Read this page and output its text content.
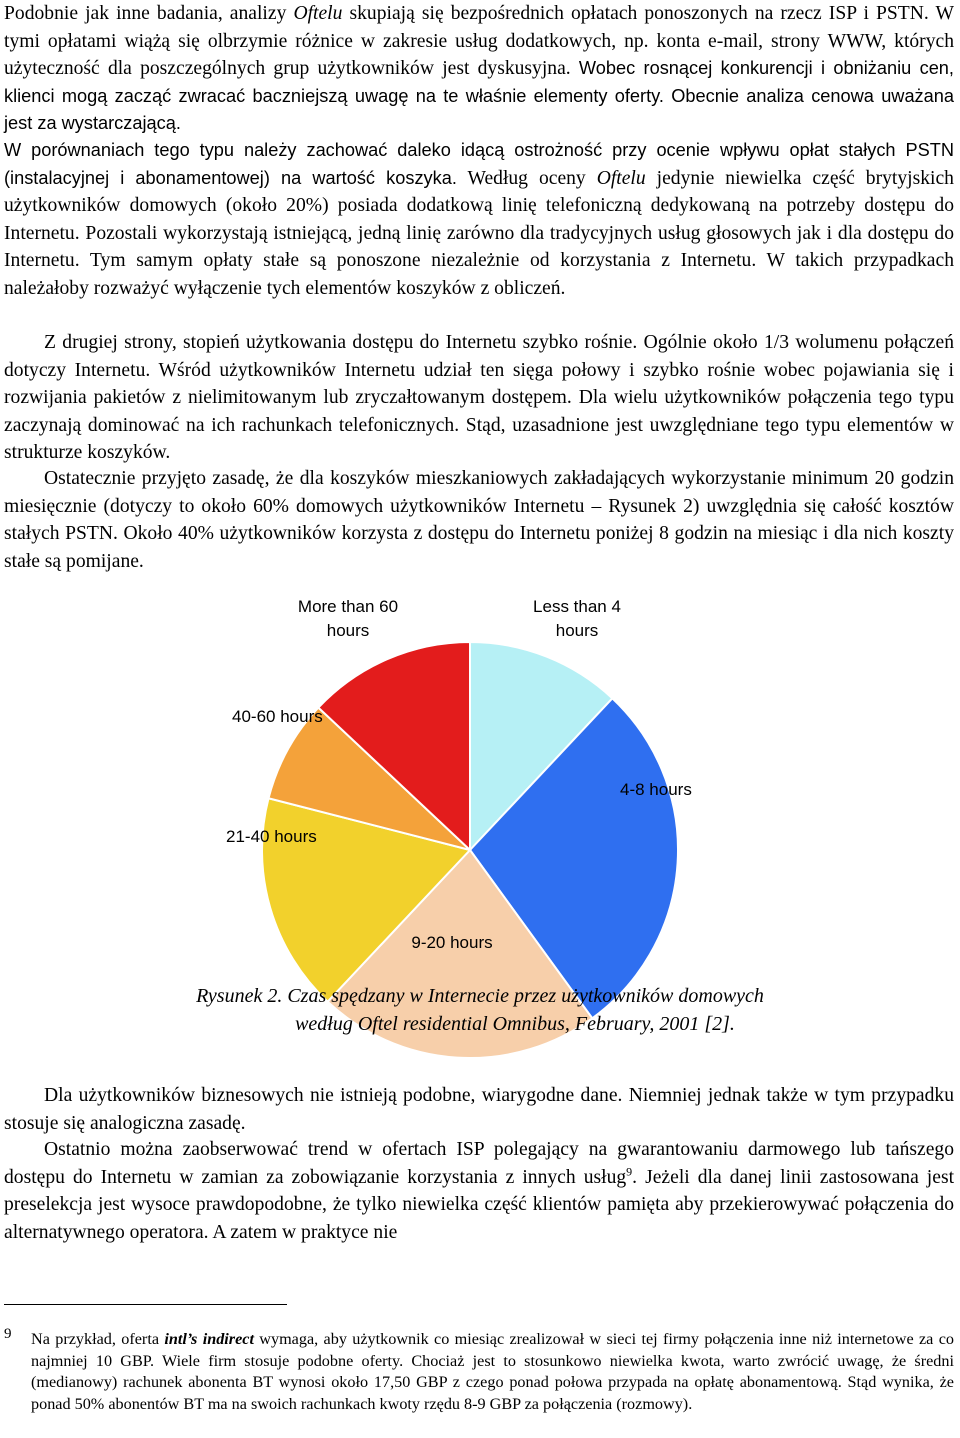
Podobnie jak inne badania, analizy Oftelu skupiają się bezpośrednich opłatach ponoszonych na rzecz ISP i PSTN. W tymi opłatami wiążą się olbrzymie różnice w zakresie usług dodatkowych, np. konta e-mail, strony WWW, których użyteczność dla poszczególnych grup użytkowników jest dyskusyjna. Wobec rosnącej konkurencji i obniżaniu cen, klienci mogą zacząć zwracać baczniejszą uwagę na te właśnie elementy oferty. Obecnie analiza cenowa uważana jest za wystarczającą.

W porównaniach tego typu należy zachować daleko idącą ostrożność przy ocenie wpływu opłat stałych PSTN (instalacyjnej i abonamentowej) na wartość koszyka. Według oceny Oftelu jedynie niewielka część brytyjskich użytkowników domowych (około 20%) posiada dodatkową linię telefoniczną dedykowaną na potrzeby dostępu do Internetu. Pozostali wykorzystają istniejącą, jedną linię zarówno dla tradycyjnych usług głosowych jak i dla dostępu do Internetu. Tym samym opłaty stałe są ponoszone niezależnie od korzystania z Internetu. W takich przypadkach należałoby rozważyć wyłączenie tych elementów koszyków z obliczeń.

Z drugiej strony, stopień użytkowania dostępu do Internetu szybko rośnie. Ogólnie około 1/3 wolumenu połączeń dotyczy Internetu. Wśród użytkowników Internetu udział ten sięga połowy i szybko rośnie wobec pojawiania się i rozwijania pakietów z nielimitowanym lub zryczałtowanym dostępem. Dla wielu użytkowników połączenia tego typu zaczynają dominować na ich rachunkach telefonicznych. Stąd, uzasadnione jest uwzględniane tego typu elementów w strukturze koszyków.

Ostatecznie przyjęto zasadę, że dla koszyków mieszkaniowych zakładających wykorzystanie minimum 20 godzin miesięcznie (dotyczy to około 60% domowych użytkowników Internetu – Rysunek 2) uwzględnia się całość kosztów stałych PSTN. Około 40% użytkowników korzysta z dostępu do Internetu poniżej 8 godzin na miesiąc i dla nich koszty stałe są pomijane.

Less than 4 hours
4-8 hours
9-20 hours
21-40 hours
40-60 hours
More than 60 hours
Rysunek 2. Czas spędzany w Internecie przez użytkowników domowych
według Oftel residential Omnibus, February, 2001 [2].

Dla użytkowników biznesowych nie istnieją podobne, wiarygodne dane. Niemniej jednak także w tym przypadku stosuje się analogiczna zasadę.

Ostatnio można zaobserwować trend w ofertach ISP polegający na gwarantowaniu darmowego lub tańszego dostępu do Internetu w zamian za zobowiązanie korzystania z innych usług$^9$. Jeżeli dla danej linii zastosowana jest preselekcja jest wysoce prawdopodobne, że tylko niewielka część klientów pamięta aby przekierowywać połączenia do alternatywnego operatora. A zatem w praktyce nie

9 Na przykład, oferta intl’s indirect wymaga, aby użytkownik co miesiąc zrealizował w sieci tej firmy połączenia inne niż internetowe za co najmniej 10 GBP. Wiele firm stosuje podobne oferty. Chociaż jest to stosunkowo niewielka kwota, warto zwrócić uwagę, że średni (medianowy) rachunek abonenta BT wynosi około 17,50 GBP z czego ponad połowa przypada na opłatę abonamentową. Stąd wynika, że ponad 50% abonentów BT ma na swoich rachunkach kwoty rzędu 8-9 GBP za połączenia (rozmowy).
